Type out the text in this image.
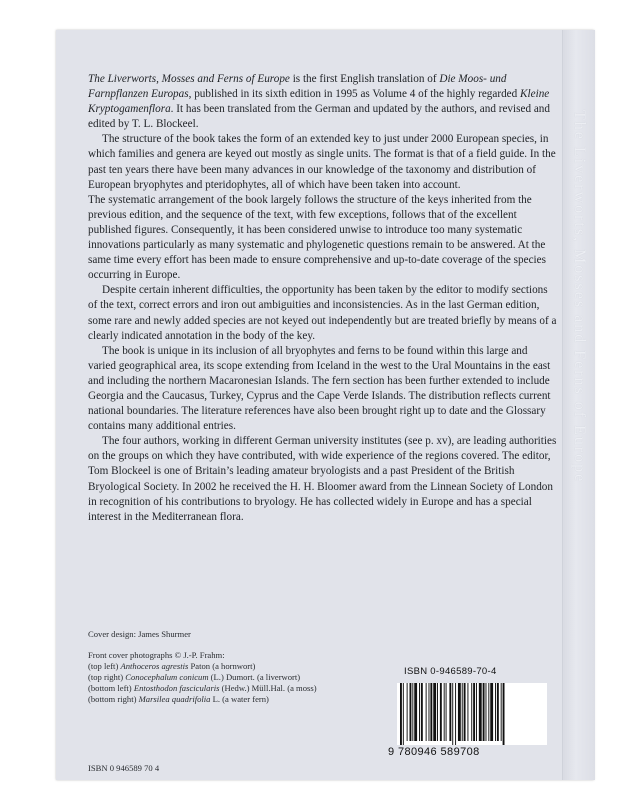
The Liverworts, Mosses and Ferns of Europe

The Liverworts, Mosses and Ferns of Europe is the first English translation of Die Moos- und Farnpflanzen Europas, published in its sixth edition in 1995 as Volume 4 of the highly regarded Kleine Kryptogamenflora. It has been translated from the German and updated by the authors, and revised and edited by T. L. Blockeel.

The structure of the book takes the form of an extended key to just under 2000 European species, in which families and genera are keyed out mostly as single units. The format is that of a field guide. In the past ten years there have been many advances in our knowledge of the taxonomy and distribution of European bryophytes and pteridophytes, all of which have been taken into account.

The systematic arrangement of the book largely follows the structure of the keys inherited from the previous edition, and the sequence of the text, with few exceptions, follows that of the excellent published figures. Consequently, it has been considered unwise to introduce too many systematic innovations particularly as many systematic and phylogenetic questions remain to be answered. At the same time every effort has been made to ensure comprehensive and up-to-date coverage of the species occurring in Europe.

Despite certain inherent difficulties, the opportunity has been taken by the editor to modify sections of the text, correct errors and iron out ambiguities and inconsistencies. As in the last German edition, some rare and newly added species are not keyed out independently but are treated briefly by means of a clearly indicated annotation in the body of the key.

The book is unique in its inclusion of all bryophytes and ferns to be found within this large and varied geographical area, its scope extending from Iceland in the west to the Ural Mountains in the east and including the northern Macaronesian Islands. The fern section has been further extended to include Georgia and the Caucasus, Turkey, Cyprus and the Cape Verde Islands. The distribution reflects current national boundaries. The literature references have also been brought right up to date and the Glossary contains many additional entries.

The four authors, working in different German university institutes (see p. xv), are leading authorities on the groups on which they have contributed, with wide experience of the regions covered. The editor, Tom Blockeel is one of Britain’s leading amateur bryologists and a past President of the British Bryological Society. In 2002 he received the H. H. Bloomer award from the Linnean Society of London in recognition of his contributions to bryology. He has collected widely in Europe and has a special interest in the Mediterranean flora.

Cover design: James Shurmer
Front cover photographs © J.-P. Frahm:
(top left) Anthoceros agrestis Paton (a hornwort)
(top right) Conocephalum conicum (L.) Dumort. (a liverwort)
(bottom left) Entosthodon fascicularis (Hedw.) Müll.Hal. (a moss)
(bottom right) Marsilea quadrifolia L. (a water fern)
ISBN 0 946589 70 4
ISBN 0-946589-70-4
9 780946 589708
